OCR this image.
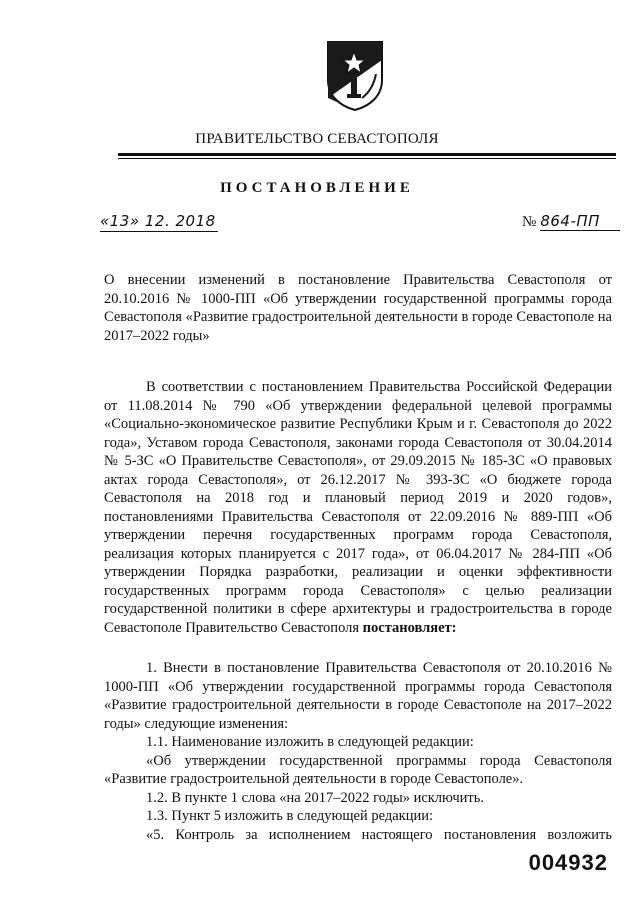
ПРАВИТЕЛЬСТВО СЕВАСТОПОЛЯ
ПОСТАНОВЛЕНИЕ
«13» 12. 2018	№ 864-ПП
О внесении изменений в постановление Правительства Севастополя от 20.10.2016 № 1000-ПП «Об утверждении государственной программы города Севастополя «Развитие градостроительной деятельности в городе Севастополе на 2017–2022 годы»

В соответствии с постановлением Правительства Российской Федерации от 11.08.2014 № 790 «Об утверждении федеральной целевой программы «Социально-экономическое развитие Республики Крым и г. Севастополя до 2022 года», Уставом города Севастополя, законами города Севастополя от 30.04.2014 № 5-ЗС «О Правительстве Севастополя», от 29.09.2015 № 185-ЗС «О правовых актах города Севастополя», от 26.12.2017 № 393-ЗС «О бюджете города Севастополя на 2018 год и плановый период 2019 и 2020 годов», постановлениями Правительства Севастополя от 22.09.2016 № 889-ПП «Об утверждении перечня государственных программ города Севастополя, реализация которых планируется с 2017 года», от 06.04.2017 № 284-ПП «Об утверждении Порядка разработки, реализации и оценки эффективности государственных программ города Севастополя» с целью реализации государственной политики в сфере архитектуры и градостроительства в городе Севастополе Правительство Севастополя постановляет:

1. Внести в постановление Правительства Севастополя от 20.10.2016 № 1000-ПП «Об утверждении государственной программы города Севастополя «Развитие градостроительной деятельности в городе Севастополе на 2017–2022 годы» следующие изменения:

1.1. Наименование изложить в следующей редакции:

«Об утверждении государственной программы города Севастополя «Развитие градостроительной деятельности в городе Севастополе».

1.2. В пункте 1 слова «на 2017–2022 годы» исключить.

1.3. Пункт 5 изложить в следующей редакции:

«5. Контроль за исполнением настоящего постановления возложить

004932
